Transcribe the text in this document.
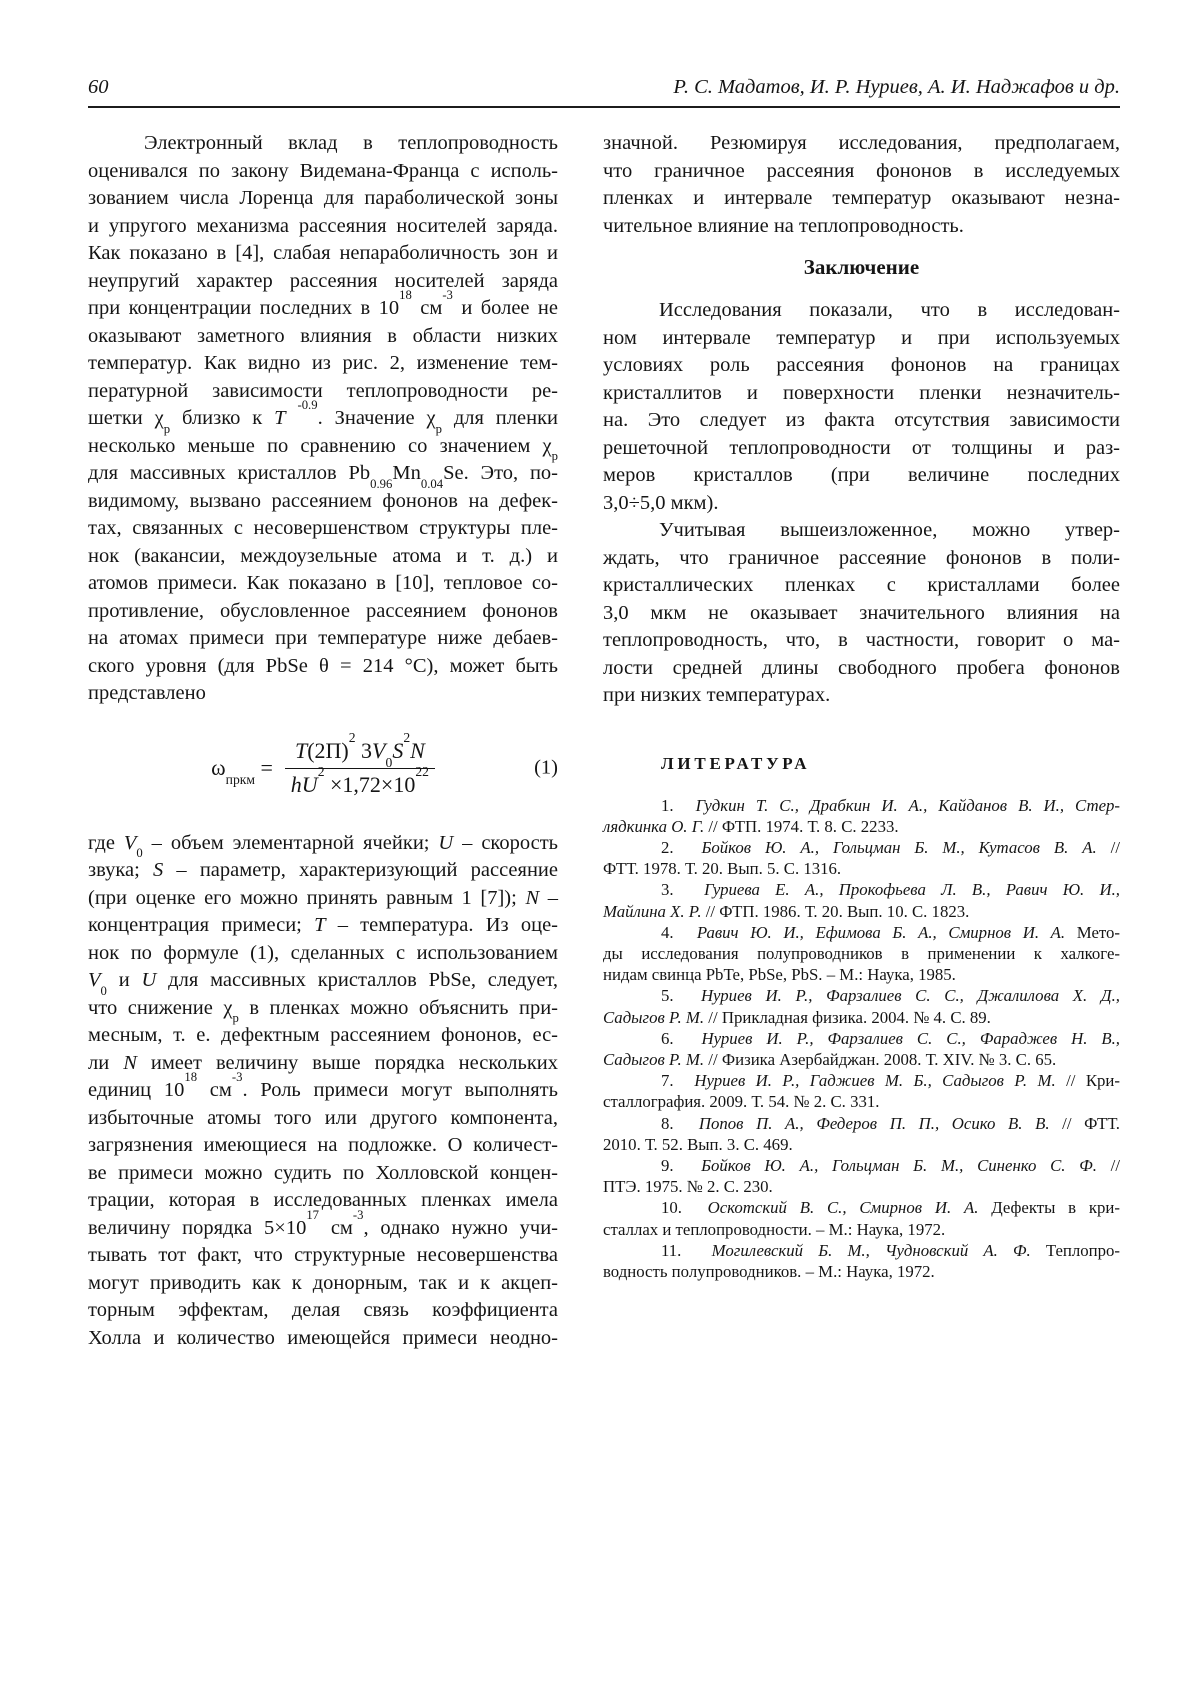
60	Р. С. Мадатов, И. Р. Нуриев, А. И. Наджафов и др.
Электронный вклад в теплопроводность
оценивался по закону Видемана-Франца с исполь-
зованием числа Лоренца для параболической зоны
и упругого механизма рассеяния носителей заряда.
Как показано в [4], слабая непараболичность зон и
неупругий характер рассеяния носителей заряда
при концентрации последних в $10^{18}$ $см^{-3}$ и более не
оказывают заметного влияния в области низких
температур. Как видно из рис. 2, изменение тем-
пературной зависимости теплопроводности ре-
шетки $\chi_р$ близко к T $^{-0.9}$. Значение $\chi_р$ для пленки
несколько меньше по сравнению со значением $\chi_р$
для массивных кристаллов $Pb_{0.96}Mn_{0.04}Se$. Это, по-
видимому, вызвано рассеянием фононов на дефек-
тах, связанных с несовершенством структуры пле-
нок (вакансии, междоузельные атома и т. д.) и
атомов примеси. Как показано в [10], тепловое со-
противление, обусловленное рассеянием фононов
на атомах примеси при температуре ниже дебаев-
ского уровня (для PbSe θ = 214 °С), может быть
представлено
$\omega_{пркм} = \frac{T(2\Pi)^2 3V_0S^2N}{hU^2 \times 1,72\times 10^{22}}$	(1)
где $V_0$ – объем элементарной ячейки; U – скорость
звука; S – параметр, характеризующий рассеяние
(при оценке его можно принять равным 1 [7]); N –
концентрация примеси; T – температура. Из оце-
нок по формуле (1), сделанных с использованием
$V_0$ и U для массивных кристаллов PbSe, следует,
что снижение $\chi_р$ в пленках можно объяснить при-
месным, т. е. дефектным рассеянием фононов, ес-
ли N имеет величину выше порядка нескольких
единиц $10^{18}$ $см^{-3}$. Роль примеси могут выполнять
избыточные атомы того или другого компонента,
загрязнения имеющиеся на подложке. О количест-
ве примеси можно судить по Холловской концен-
трации, которая в исследованных пленках имела
величину порядка $5\times 10^{17}$ $см^{-3}$, однако нужно учи-
тывать тот факт, что структурные несовершенства
могут приводить как к донорным, так и к акцеп-
торным эффектам, делая связь коэффициента
Холла и количество имеющейся примеси неодно-
значной. Резюмируя исследования, предполагаем,
что граничное рассеяния фононов в исследуемых
пленках и интервале температур оказывают незна-
чительное влияние на теплопроводность.
Заключение
Исследования показали, что в исследован-
ном интервале температур и при используемых
условиях роль рассеяния фононов на границах
кристаллитов и поверхности пленки незначитель-
на. Это следует из факта отсутствия зависимости
решеточной теплопроводности от толщины и раз-
меров кристаллов (при величине последних
3,0÷5,0 мкм).
Учитывая вышеизложенное, можно утвер-
ждать, что граничное рассеяние фононов в поли-
кристаллических пленках с кристаллами более
3,0 мкм не оказывает значительного влияния на
теплопроводность, что, в частности, говорит о ма-
лости средней длины свободного пробега фононов
при низких температурах.
ЛИТЕРАТУРА
1.  Гудкин Т. С., Драбкин И. А., Кайданов В. И., Стер-
лядкинка О. Г. // ФТП. 1974. Т. 8. С. 2233.
2.  Бойков Ю. А., Гольцман Б. М., Кутасов В. А. //
ФТТ. 1978. Т. 20. Вып. 5. С. 1316.
3.  Гуриева Е. А., Прокофьева Л. В., Равич Ю. И.,
Майлина Х. Р. // ФТП. 1986. Т. 20. Вып. 10. С. 1823.
4.  Равич Ю. И., Ефимова Б. А., Смирнов И. А. Мето-
ды исследования полупроводников в применении к халкоге-
нидам свинца PbTe, PbSe, PbS. – М.: Наука, 1985.
5.  Нуриев И. Р., Фарзалиев С. С., Джалилова Х. Д.,
Садыгов Р. М. // Прикладная физика. 2004. № 4. С. 89.
6.  Нуриев И. Р., Фарзалиев С. С., Фараджев Н. В.,
Садыгов Р. М. // Физика Азербайджан. 2008. Т. XIV. № 3. С. 65.
7.  Нуриев И. Р., Гаджиев М. Б., Садыгов Р. М. // Кри-
сталлография. 2009. Т. 54. № 2. С. 331.
8.  Попов П. А., Федеров П. П., Осико В. В. // ФТТ.
2010. Т. 52. Вып. 3. С. 469.
9.  Бойков Ю. А., Гольцман Б. М., Синенко С. Ф. //
ПТЭ. 1975. № 2. С. 230.
10.  Оскотский В. С., Смирнов И. А. Дефекты в кри-
сталлах и теплопроводности. – М.: Наука, 1972.
11.  Могилевский Б. М., Чудновский А. Ф. Теплопро-
водность полупроводников. – М.: Наука, 1972.
